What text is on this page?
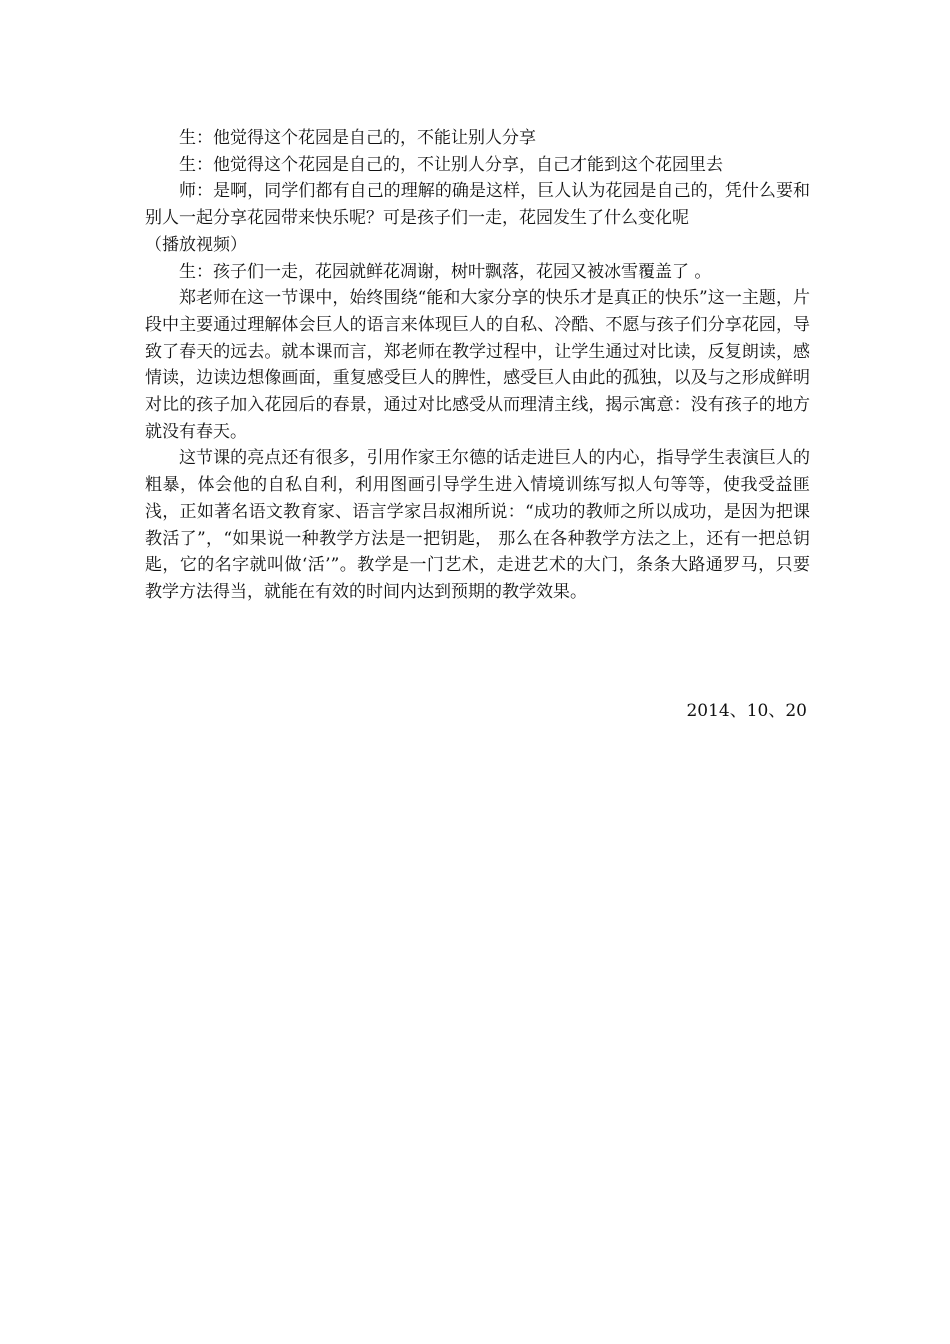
生：他觉得这个花园是自己的，不能让别人分享

生：他觉得这个花园是自己的，不让别人分享，自己才能到这个花园里去

师：是啊，同学们都有自己的理解的确是这样，巨人认为花园是自己的，凭什么要和别人一起分享花园带来快乐呢？可是孩子们一走，花园发生了什么变化呢

（播放视频）

生：孩子们一走，花园就鲜花凋谢，树叶飘落，花园又被冰雪覆盖了 。

郑老师在这一节课中，始终围绕“能和大家分享的快乐才是真正的快乐”这一主题，片段中主要通过理解体会巨人的语言来体现巨人的自私、冷酷、不愿与孩子们分享花园，导致了春天的远去。就本课而言，郑老师在教学过程中，让学生通过对比读，反复朗读，感情读，边读边想像画面，重复感受巨人的脾性，感受巨人由此的孤独，以及与之形成鲜明对比的孩子加入花园后的春景，通过对比感受从而理清主线，揭示寓意：没有孩子的地方就没有春天。

这节课的亮点还有很多，引用作家王尔德的话走进巨人的内心，指导学生表演巨人的粗暴，体会他的自私自利，利用图画引导学生进入情境训练写拟人句等等，使我受益匪浅，正如著名语文教育家、语言学家吕叔湘所说：“成功的教师之所以成功，是因为把课教活了”，“如果说一种教学方法是一把钥匙， 那么在各种教学方法之上，还有一把总钥匙，它的名字就叫做‘活’”。教学是一门艺术，走进艺术的大门，条条大路通罗马，只要教学方法得当，就能在有效的时间内达到预期的教学效果。

2014、10、20
